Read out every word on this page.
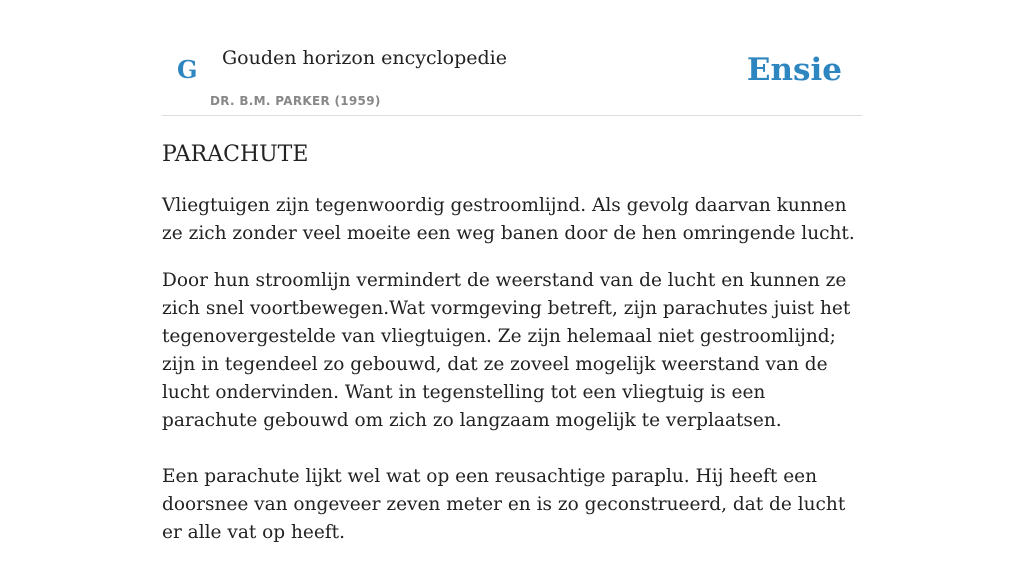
G Gouden horizon encyclopedie
DR. B.M. PARKER (1959)
Ensie
PARACHUTE

Vliegtuigen zijn tegenwoordig gestroomlijnd. Als gevolg daarvan kunnen ze zich zonder veel moeite een weg banen door de hen omringende lucht.

Door hun stroomlijn vermindert de weerstand van de lucht en kunnen ze zich snel voortbewegen.Wat vormgeving betreft, zijn parachutes juist het tegenovergestelde van vliegtuigen. Ze zijn helemaal niet gestroomlijnd; zijn in tegendeel zo gebouwd, dat ze zoveel mogelijk weerstand van de lucht ondervinden. Want in tegenstelling tot een vliegtuig is een parachute gebouwd om zich zo langzaam mogelijk te verplaatsen.

Een parachute lijkt wel wat op een reusachtige paraplu. Hij heeft een doorsnee van ongeveer zeven meter en is zo geconstrueerd, dat de lucht er alle vat op heeft.
